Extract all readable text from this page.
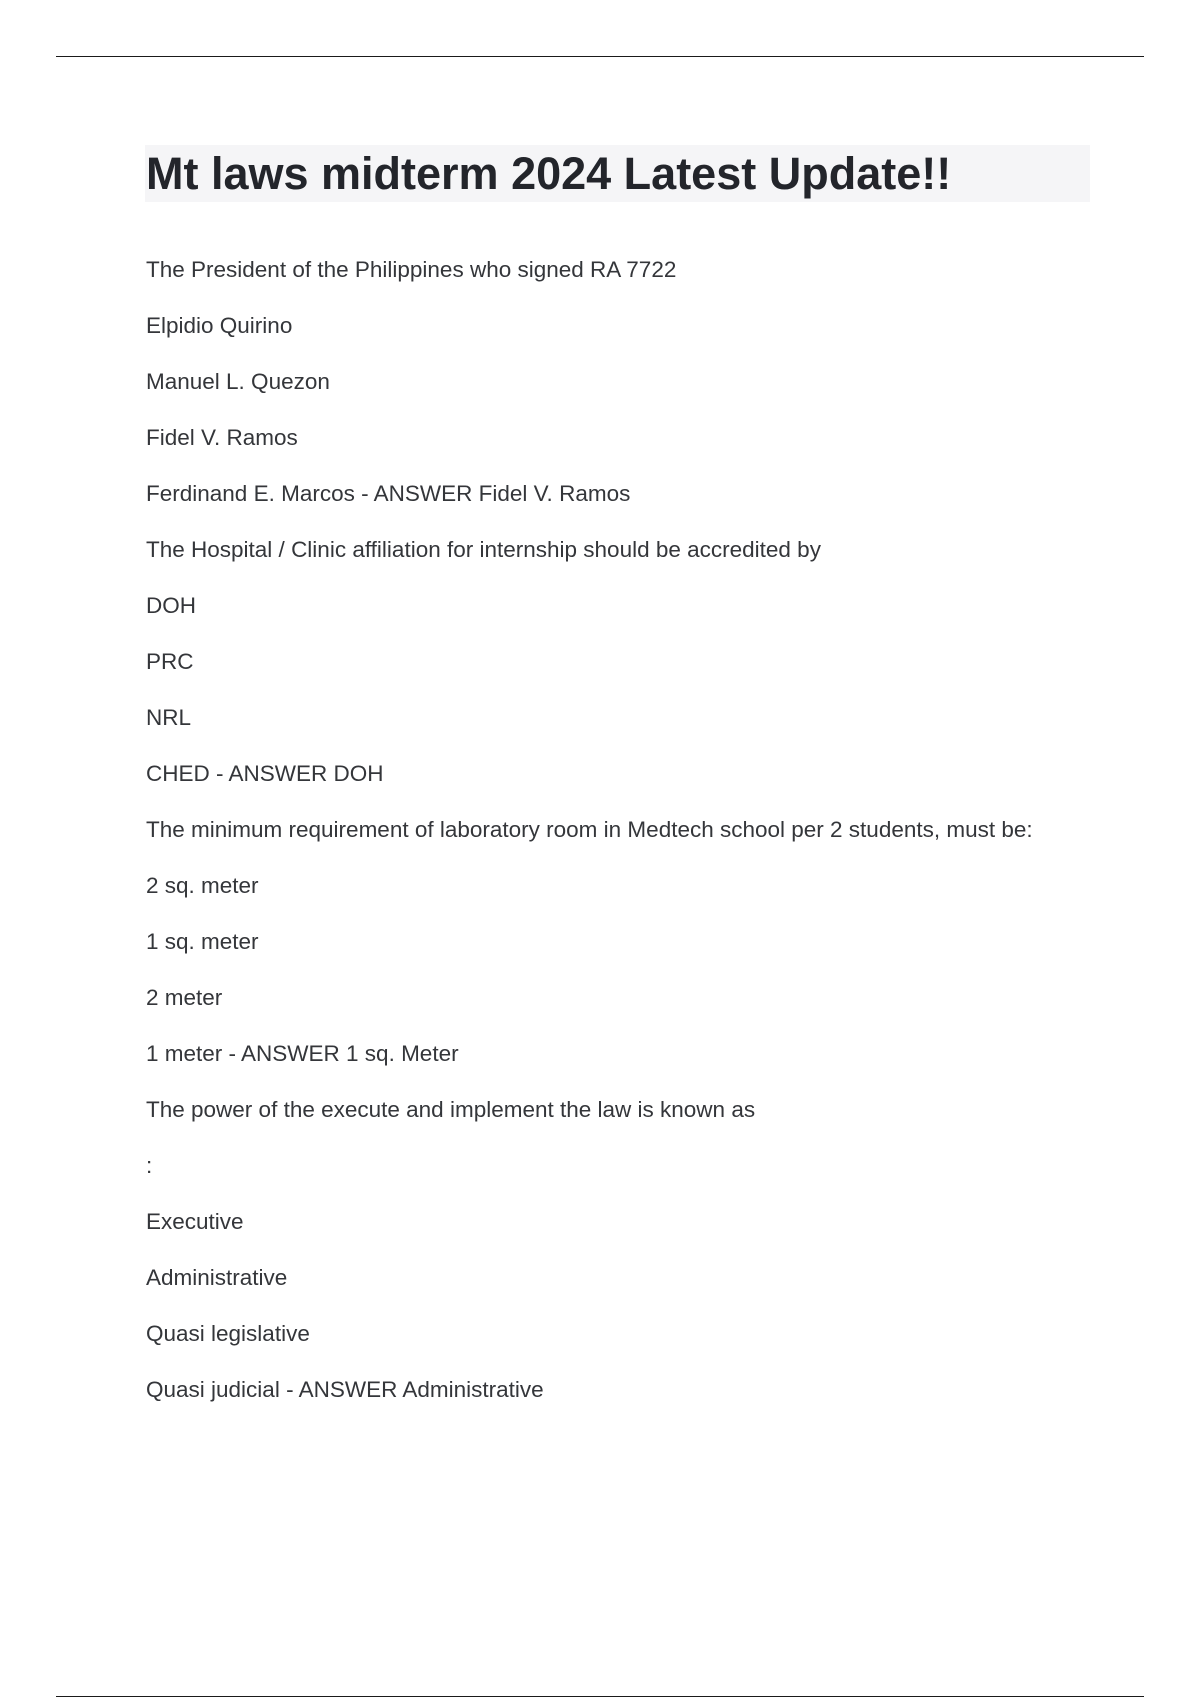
Mt laws midterm 2024 Latest Update!!
The President of the Philippines who signed RA 7722
Elpidio Quirino
Manuel L. Quezon
Fidel V. Ramos
Ferdinand E. Marcos - ANSWER Fidel V. Ramos
The Hospital / Clinic affiliation for internship should be accredited by
DOH
PRC
NRL
CHED - ANSWER DOH
The minimum requirement of laboratory room in Medtech school per 2 students, must be:
2 sq. meter
1 sq. meter
2 meter
1 meter - ANSWER 1 sq. Meter
The power of the execute and implement the law is known as
:
Executive
Administrative
Quasi legislative
Quasi judicial - ANSWER Administrative
